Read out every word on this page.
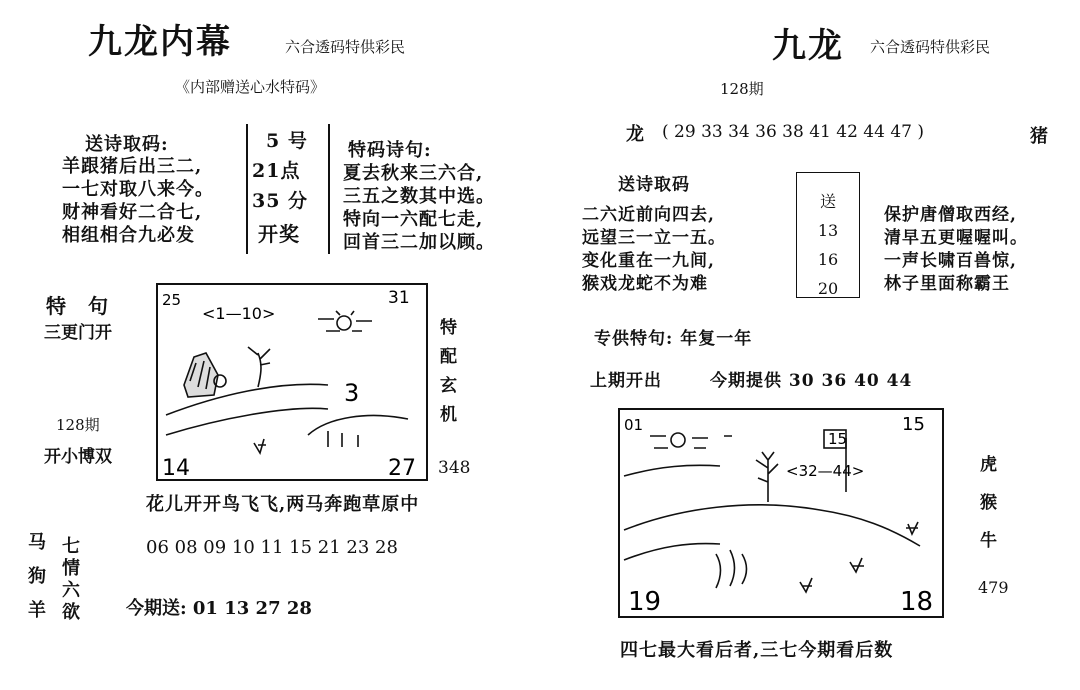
九龙内幕	六合透码特供彩民
《内部赠送心水特码》
送诗取码:
羊跟猪后出三二,
一七对取八来今。
财神看好二合七,
相组相合九必发
5 号
21点
35 分
开奖
特码诗句:
夏去秋来三六合,
三五之数其中选。
特向一六配七走,
回首三二加以顾。
特　句
三更门开
128期
开小博双
25	31
14	27
<1—10>
3
特
配
玄
机
348
花儿开开鸟飞飞,两马奔跑草原中
马
狗
羊
七
情
六
欲
06 08 09 10 11 15 21 23 28
今期送: 01 13 27 28
九龙 六合透码特供彩民
128期
龙 ( 29 33 34 36 38 41 42 44 47 )	猪
送诗取码
二六近前向四去,
远望三一立一五。
变化重在一九间,
猴戏龙蛇不为难
送
13
16
20
保护唐僧取西经,
清早五更喔喔叫。
一声长啸百兽惊,
林子里面称霸王
专供特句: 年复一年
上期开出	今期提供 30 36 40 44
01	15
19	18
<32—44>
15
虎
猴
牛
479
四七最大看后者,三七今期看后数
